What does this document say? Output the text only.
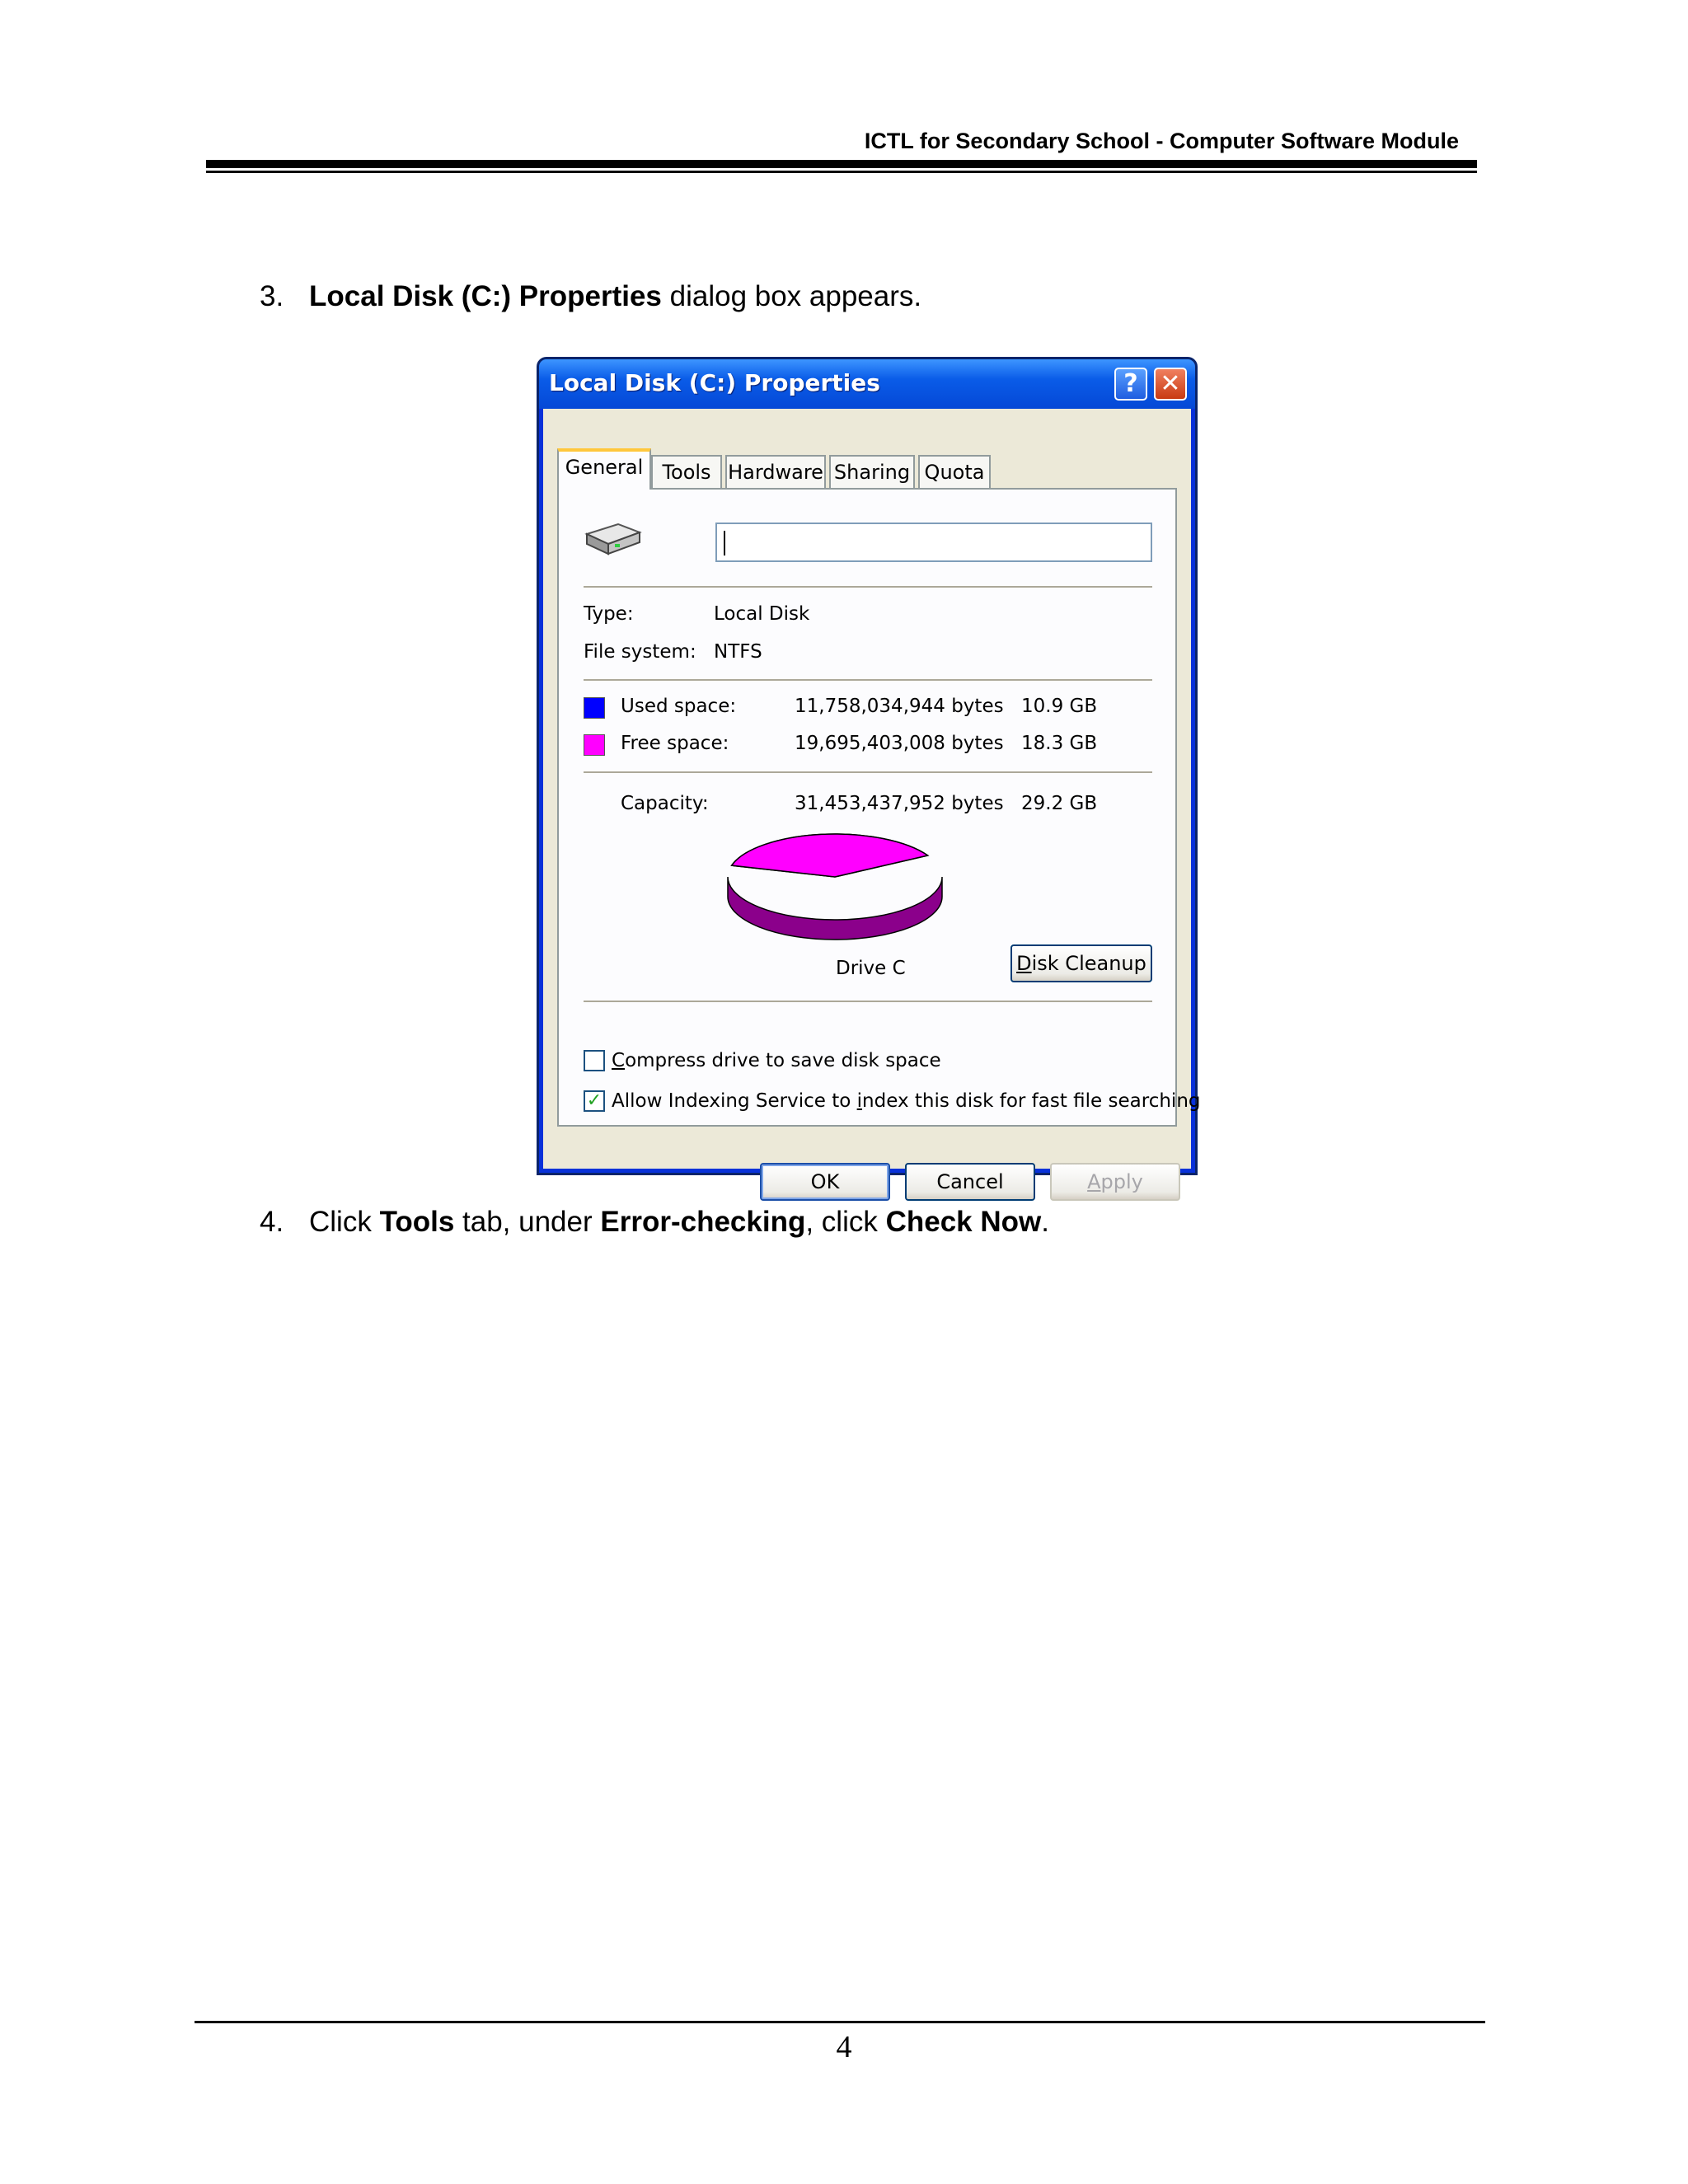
ICTL for Secondary School - Computer Software Module
3. Local Disk (C:) Properties dialog box appears.
Local Disk (C:) Properties	? ✕
General Tools Hardware Sharing Quota
Type:	Local Disk
File system: NTFS
Used space:	11,758,034,944 bytes 10.9 GB
Free space:	19,695,403,008 bytes 18.3 GB
Capacity:	31,453,437,952 bytes 29.2 GB
Drive C	Disk Cleanup
Compress drive to save disk space
✓ Allow Indexing Service to index this disk for fast file searching
OK	Cancel	Apply
4. Click Tools tab, under Error-checking, click Check Now.
4
